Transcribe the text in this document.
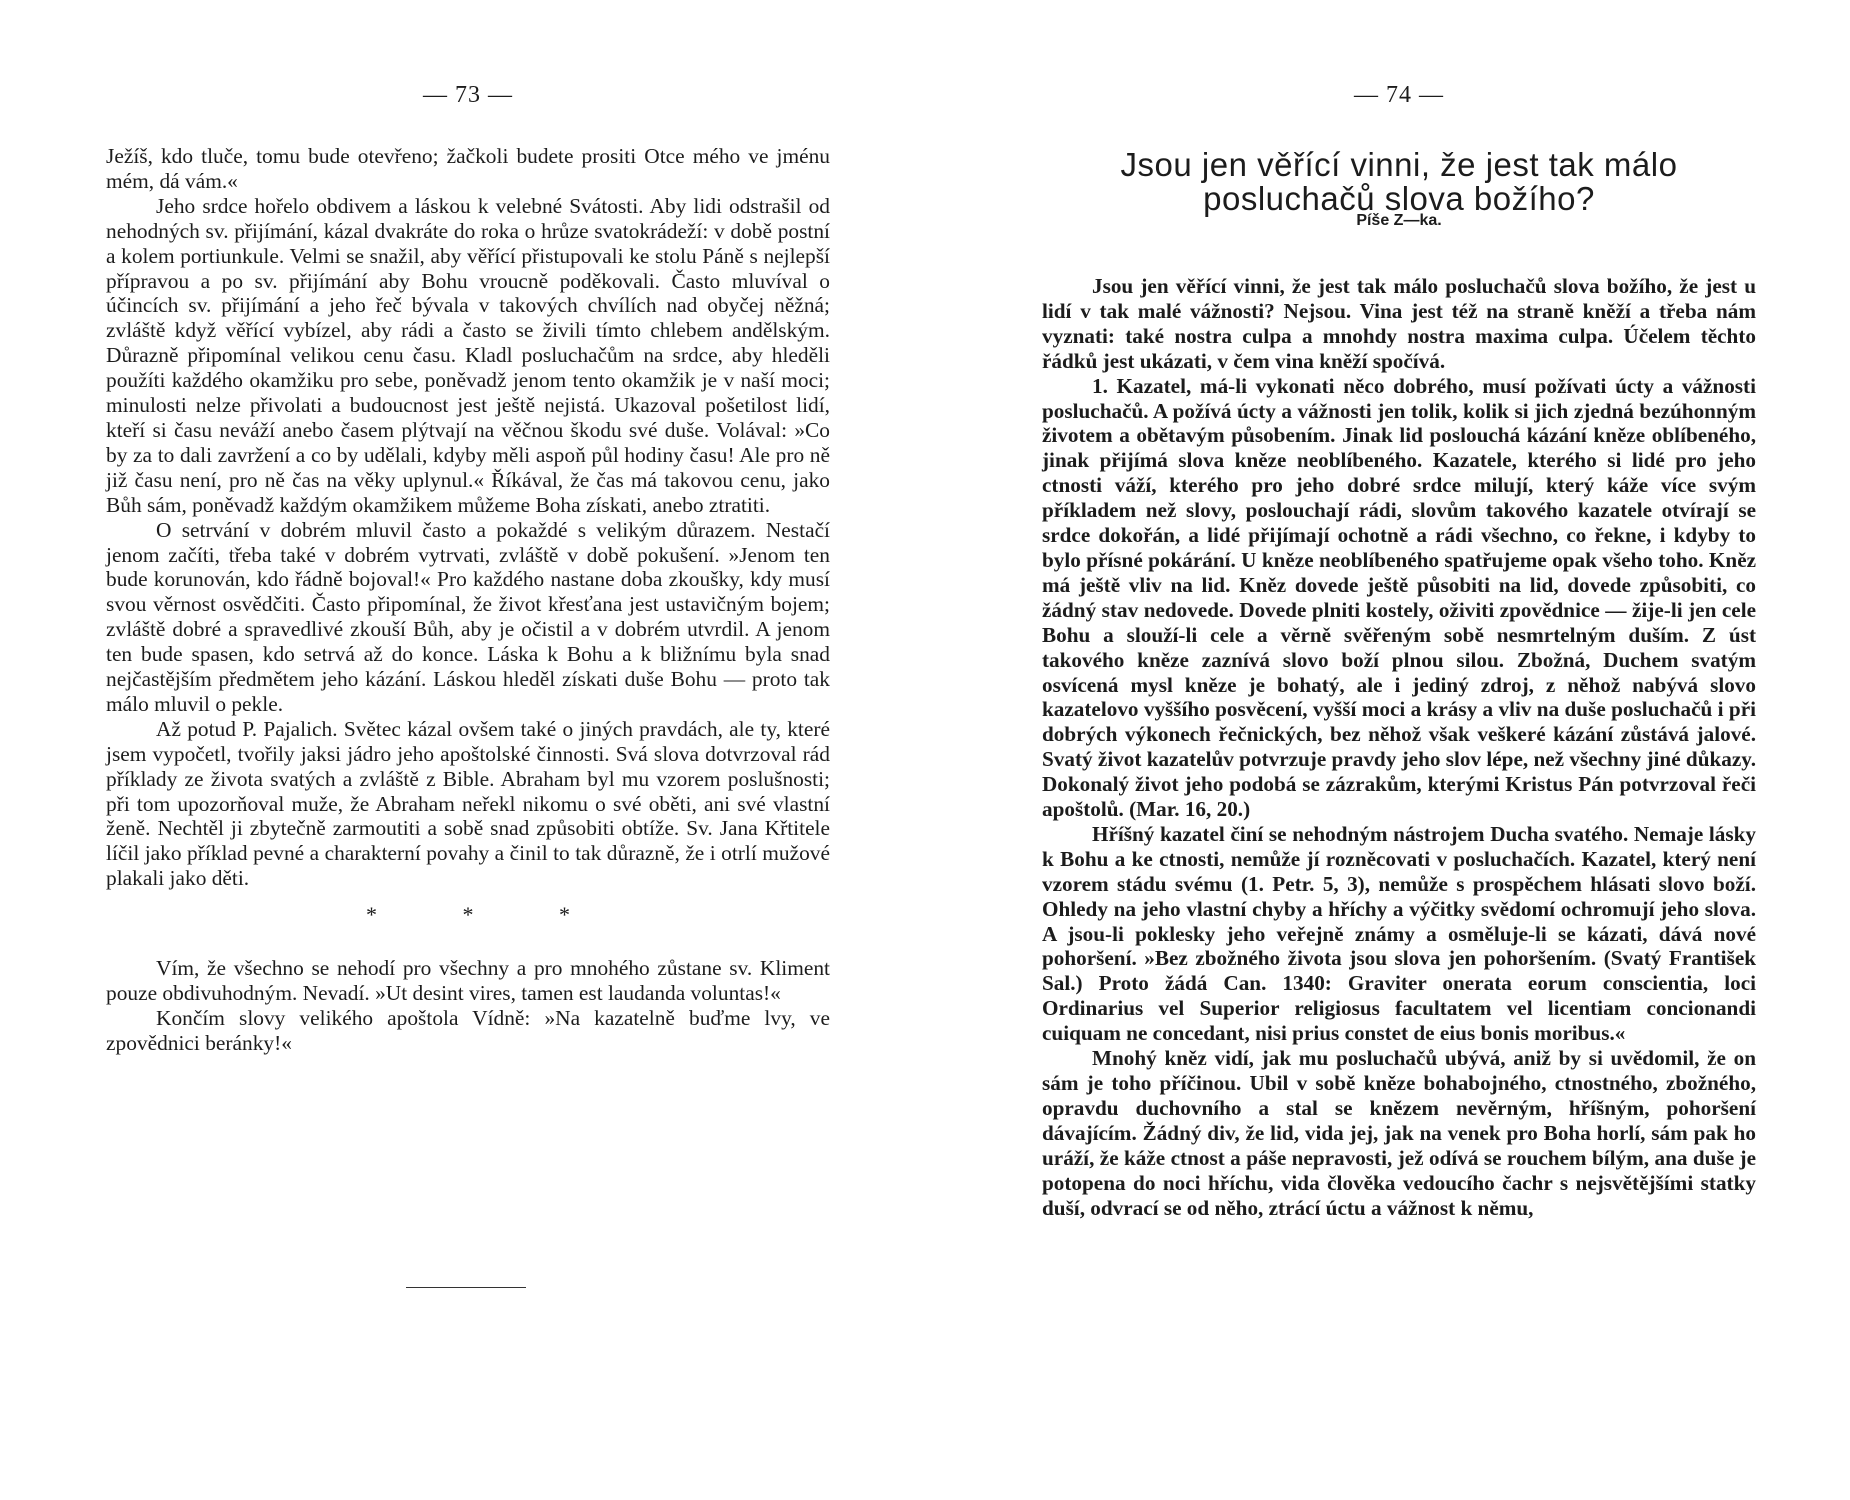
— 73 —

Ježíš, kdo tluče, tomu bude otevřeno; žačkoli budete prositi Otce mého ve jménu mém, dá vám.«

Jeho srdce hořelo obdivem a láskou k velebné Svátosti. Aby lidi odstrašil od nehodných sv. přijímání, kázal dvakráte do roka o hrůze svatokrádeží: v době postní a kolem portiunkule. Velmi se snažil, aby věřící přistupovali ke stolu Páně s nejlepší přípravou a po sv. přijímání aby Bohu vroucně poděkovali. Často mluvíval o účincích sv. přijímání a jeho řeč bývala v takových chvílích nad obyčej něžná; zvláště když věřící vybízel, aby rádi a často se živili tímto chlebem andělským. Důrazně připomínal velikou cenu času. Kladl posluchačům na srdce, aby hleděli použíti každého okamžiku pro sebe, poněvadž jenom tento okamžik je v naší moci; minulosti nelze přivolati a budoucnost jest ještě nejistá. Ukazoval pošetilost lidí, kteří si času neváží anebo časem plýtvají na věčnou škodu své duše. Volával: »Co by za to dali zavržení a co by udělali, kdyby měli aspoň půl hodiny času! Ale pro ně již času není, pro ně čas na věky uplynul.« Říkával, že čas má takovou cenu, jako Bůh sám, poněvadž každým okamžikem můžeme Boha získati, anebo ztratiti.

O setrvání v dobrém mluvil často a pokaždé s velikým důrazem. Nestačí jenom začíti, třeba také v dobrém vytrvati, zvláště v době pokušení. »Jenom ten bude korunován, kdo řádně bojoval!« Pro každého nastane doba zkoušky, kdy musí svou věrnost osvědčiti. Často připomínal, že život křesťana jest ustavičným bojem; zvláště dobré a spravedlivé zkouší Bůh, aby je očistil a v dobrém utvrdil. A jenom ten bude spasen, kdo setrvá až do konce. Láska k Bohu a k bližnímu byla snad nejčastějším předmětem jeho kázání. Láskou hleděl získati duše Bohu — proto tak málo mluvil o pekle.

Až potud P. Pajalich. Světec kázal ovšem také o jiných pravdách, ale ty, které jsem vypočetl, tvořily jaksi jádro jeho apoštolské činnosti. Svá slova dotvrzoval rád příklady ze života svatých a zvláště z Bible. Abraham byl mu vzorem poslušnosti; při tom upozorňoval muže, že Abraham neřekl nikomu o své oběti, ani své vlastní ženě. Nechtěl ji zbytečně zarmoutiti a sobě snad způsobiti obtíže. Sv. Jana Křtitele líčil jako příklad pevné a charakterní povahy a činil to tak důrazně, že i otrlí mužové plakali jako děti.

* * *

Vím, že všechno se nehodí pro všechny a pro mnohého zůstane sv. Kliment pouze obdivuhodným. Nevadí. »Ut desint vires, tamen est laudanda voluntas!«

Končím slovy velikého apoštola Vídně: »Na kazatelně buďme lvy, ve zpovědnici beránky!«

— 74 —
Jsou jen věřící vinni, že jest tak málo posluchačů slova božího?
Píše Z—ka.

Jsou jen věřící vinni, že jest tak málo posluchačů slova božího, že jest u lidí v tak malé vážnosti? Nejsou. Vina jest též na straně kněží a třeba nám vyznati: také nostra culpa a mnohdy nostra maxima culpa. Účelem těchto řádků jest ukázati, v čem vina kněží spočívá.

1. Kazatel, má-li vykonati něco dobrého, musí požívati úcty a vážnosti posluchačů. A požívá úcty a vážnosti jen tolik, kolik si jich zjedná bezúhonným životem a obětavým působením. Jinak lid poslouchá kázání kněze oblíbeného, jinak přijímá slova kněze neoblíbeného. Kazatele, kterého si lidé pro jeho ctnosti váží, kterého pro jeho dobré srdce milují, který káže více svým příkladem než slovy, poslouchají rádi, slovům takového kazatele otvírají se srdce dokořán, a lidé přijímají ochotně a rádi všechno, co řekne, i kdyby to bylo přísné pokárání. U kněze neoblíbeného spatřujeme opak všeho toho. Kněz má ještě vliv na lid. Kněz dovede ještě působiti na lid, dovede způsobiti, co žádný stav nedovede. Dovede plniti kostely, oživiti zpovědnice — žije-li jen cele Bohu a slouží-li cele a věrně svěřeným sobě nesmrtelným duším. Z úst takového kněze zaznívá slovo boží plnou silou. Zbožná, Duchem svatým osvícená mysl kněze je bohatý, ale i jediný zdroj, z něhož nabývá slovo kazatelovo vyššího posvěcení, vyšší moci a krásy a vliv na duše posluchačů i při dobrých výkonech řečnických, bez něhož však veškeré kázání zůstává jalové. Svatý život kazatelův potvrzuje pravdy jeho slov lépe, než všechny jiné důkazy. Dokonalý život jeho podobá se zázrakům, kterými Kristus Pán potvrzoval řeči apoštolů. (Mar. 16, 20.)

Hříšný kazatel činí se nehodným nástrojem Ducha svatého. Nemaje lásky k Bohu a ke ctnosti, nemůže jí rozněcovati v posluchačích. Kazatel, který není vzorem stádu svému (1. Petr. 5, 3), nemůže s prospěchem hlásati slovo boží. Ohledy na jeho vlastní chyby a hříchy a výčitky svědomí ochromují jeho slova. A jsou-li poklesky jeho veřejně známy a osměluje-li se kázati, dává nové pohoršení. »Bez zbožného života jsou slova jen pohoršením. (Svatý František Sal.) Proto žádá Can. 1340: Graviter onerata eorum conscientia, loci Ordinarius vel Superior religiosus facultatem vel licentiam concionandi cuiquam ne concedant, nisi prius constet de eius bonis moribus.«

Mnohý kněz vidí, jak mu posluchačů ubývá, aniž by si uvědomil, že on sám je toho příčinou. Ubil v sobě kněze bohabojného, ctnostného, zbožného, opravdu duchovního a stal se knězem nevěrným, hříšným, pohoršení dávajícím. Žádný div, že lid, vida jej, jak na venek pro Boha horlí, sám pak ho uráží, že káže ctnost a páše nepravosti, jež odívá se rouchem bílým, ana duše je potopena do noci hříchu, vida člověka vedoucího čachr s nejsvětějšími statky duší, odvrací se od něho, ztrácí úctu a vážnost k němu,
